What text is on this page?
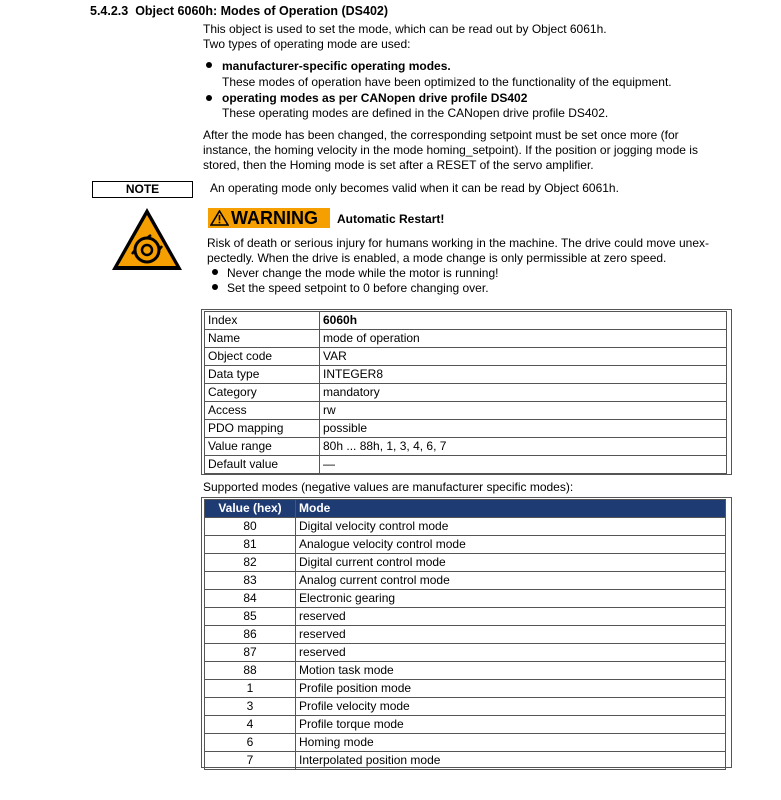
5.4.2.3 Object 6060h: Modes of Operation (DS402)
This object is used to set the mode, which can be read out by Object 6061h.
Two types of operating mode are used:
manufacturer-specific operating modes.
These modes of operation have been optimized to the functionality of the equipment.
operating modes as per CANopen drive profile DS402
These operating modes are defined in the CANopen drive profile DS402.
After the mode has been changed, the corresponding setpoint must be set once more (for
instance, the homing velocity in the mode homing_setpoint). If the position or jogging mode is
stored, then the Homing mode is set after a RESET of the servo amplifier.
NOTE	An operating mode only becomes valid when it can be read by Object 6061h.
WARNING Automatic Restart!
Risk of death or serious injury for humans working in the machine. The drive could move unex-
pectedly. When the drive is enabled, a mode change is only permissible at zero speed.
Never change the mode while the motor is running!
Set the speed setpoint to 0 before changing over.
Index	6060h
Name	mode of operation
Object code	VAR
Data type	INTEGER8
Category	mandatory
Access	rw
PDO mapping	possible
Value range	80h ... 88h, 1, 3, 4, 6, 7
Default value	—
Supported modes (negative values are manufacturer specific modes):
Value (hex)	Mode
80	Digital velocity control mode
81	Analogue velocity control mode
82	Digital current control mode
83	Analog current control mode
84	Electronic gearing
85	reserved
86	reserved
87	reserved
88	Motion task mode
1	Profile position mode
3	Profile velocity mode
4	Profile torque mode
6	Homing mode
7	Interpolated position mode
